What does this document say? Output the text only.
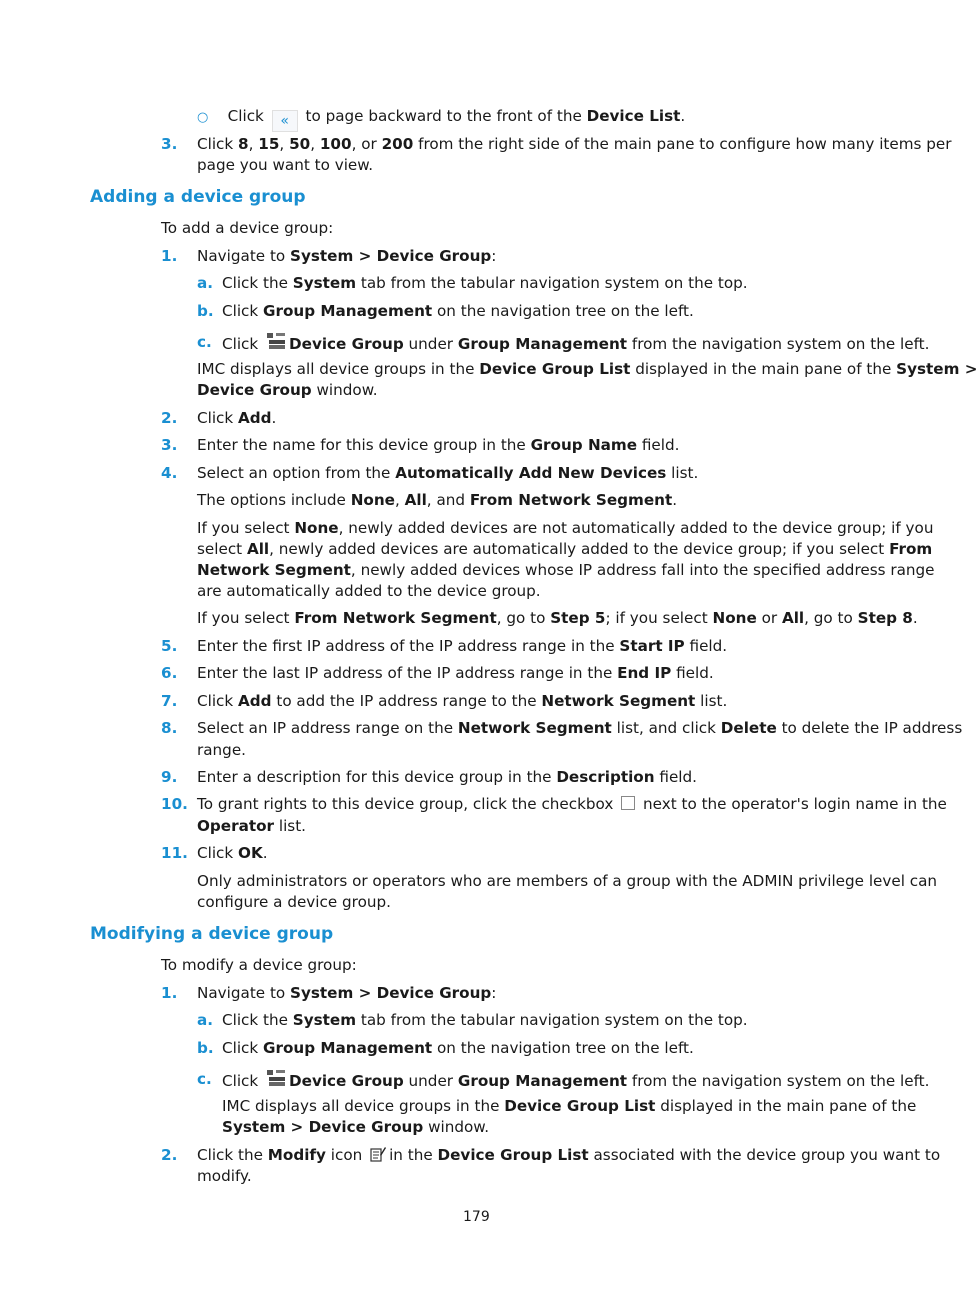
○ Click « to page backward to the front of the Device List.
3. Click 8, 15, 50, 100, or 200 from the right side of the main pane to configure how many items per
page you want to view.
Adding a device group
To add a device group:
1. Navigate to System > Device Group:
a. Click the System tab from the tabular navigation system on the top.
b. Click Group Management on the navigation tree on the left.
c. Click Device Group under Group Management from the navigation system on the left.
IMC displays all device groups in the Device Group List displayed in the main pane of the System >
Device Group window.
2. Click Add.
3. Enter the name for this device group in the Group Name field.
4. Select an option from the Automatically Add New Devices list.
The options include None, All, and From Network Segment.
If you select None, newly added devices are not automatically added to the device group; if you
select All, newly added devices are automatically added to the device group; if you select From
Network Segment, newly added devices whose IP address fall into the specified address range
are automatically added to the device group.
If you select From Network Segment, go to Step 5; if you select None or All, go to Step 8.
5. Enter the first IP address of the IP address range in the Start IP field.
6. Enter the last IP address of the IP address range in the End IP field.
7. Click Add to add the IP address range to the Network Segment list.
8. Select an IP address range on the Network Segment list, and click Delete to delete the IP address
range.
9. Enter a description for this device group in the Description field.
10. To grant rights to this device group, click the checkbox next to the operator's login name in the
Operator list.
11. Click OK.
Only administrators or operators who are members of a group with the ADMIN privilege level can
configure a device group.
Modifying a device group
To modify a device group:
1. Navigate to System > Device Group:
a. Click the System tab from the tabular navigation system on the top.
b. Click Group Management on the navigation tree on the left.
c. Click Device Group under Group Management from the navigation system on the left.
IMC displays all device groups in the Device Group List displayed in the main pane of the
System > Device Group window.
2. Click the Modify icon in the Device Group List associated with the device group you want to
modify.
179
